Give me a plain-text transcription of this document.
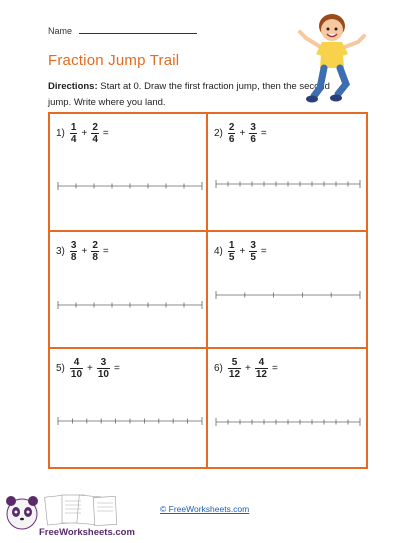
Name
Fraction Jump Trail
Directions: Start at 0. Draw the first fraction jump, then the second jump. Write where you land.
$1) \frac{1}{4} + \frac{2}{4}$ =	$2) \frac{2}{6} + \frac{3}{6}$ =
$3) \frac{3}{8} + \frac{2}{8}$ =	$4) \frac{1}{5} + \frac{3}{5}$ =
$5) \frac{4}{10} + \frac{3}{10}$ =	$6) \frac{5}{12} + \frac{4}{12}$ =
FreeWorksheets.com
© FreeWorksheets.com
